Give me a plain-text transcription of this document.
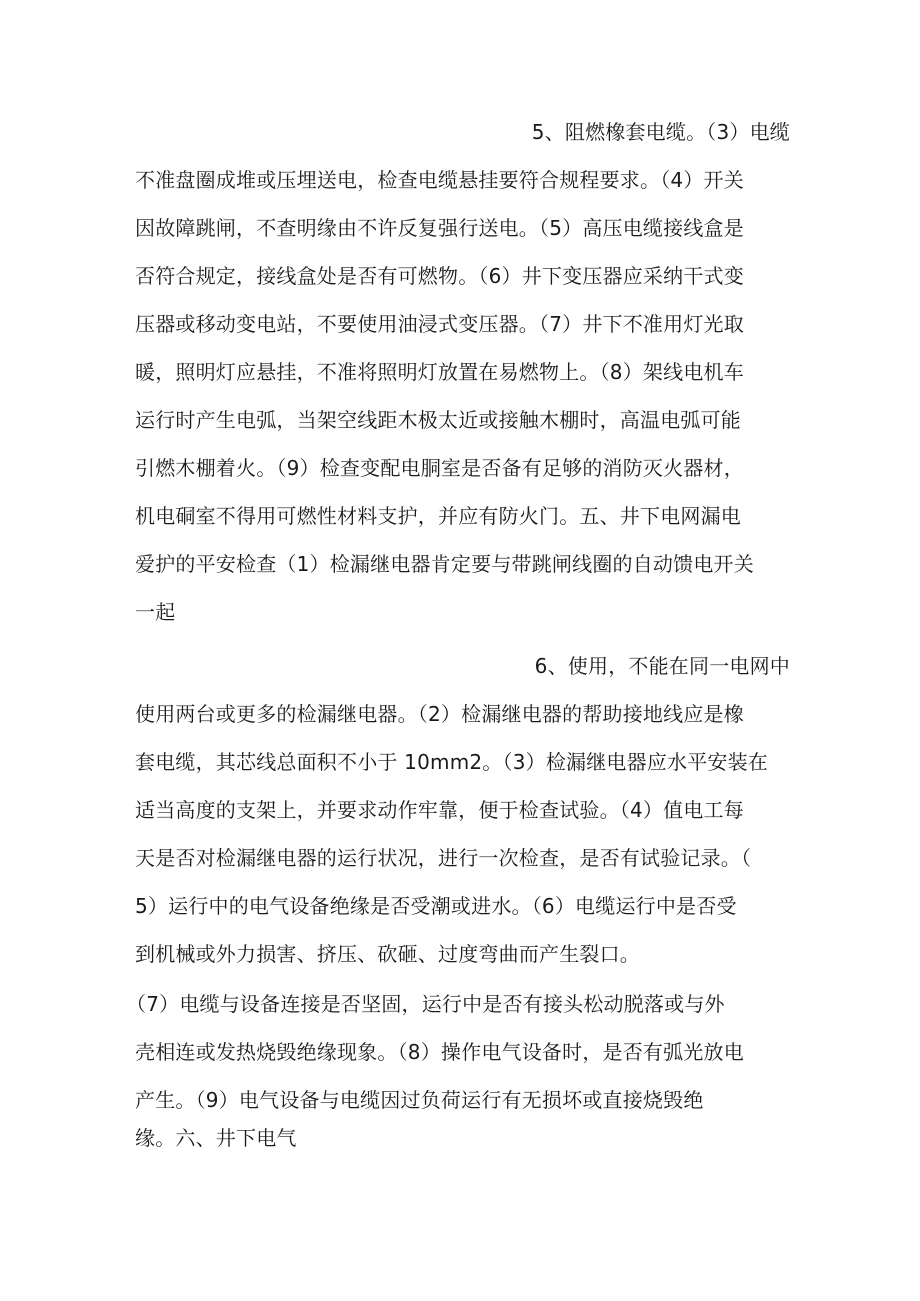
5、阻燃橡套电缆。（3）电缆
不准盘圈成堆或压埋送电，检查电缆悬挂要符合规程要求。（4）开关
因故障跳闸，不查明缘由不许反复强行送电。（5）高压电缆接线盒是
否符合规定，接线盒处是否有可燃物。（6）井下变压器应采纳干式变
压器或移动变电站，不要使用油浸式变压器。（7）井下不准用灯光取
暖，照明灯应悬挂，不准将照明灯放置在易燃物上。（8）架线电机车
运行时产生电弧，当架空线距木极太近或接触木棚时，高温电弧可能
引燃木棚着火。（9）检查变配电胴室是否备有足够的消防灭火器材，
机电硐室不得用可燃性材料支护，并应有防火门。五、井下电网漏电
爱护的平安检查（1）检漏继电器肯定要与带跳闸线圈的自动馈电开关
一起
6、使用，不能在同一电网中
使用两台或更多的检漏继电器。（2）检漏继电器的帮助接地线应是橡
套电缆，其芯线总面积不小于 10mm2。（3）检漏继电器应水平安装在
适当高度的支架上，并要求动作牢靠，便于检查试验。（4）值电工每
天是否对检漏继电器的运行状况，进行一次检查，是否有试验记录。（
5）运行中的电气设备绝缘是否受潮或进水。（6）电缆运行中是否受
到机械或外力损害、挤压、砍砸、过度弯曲而产生裂口。
（7）电缆与设备连接是否坚固，运行中是否有接头松动脱落或与外
壳相连或发热烧毁绝缘现象。（8）操作电气设备时，是否有弧光放电
产生。（9）电气设备与电缆因过负荷运行有无损坏或直接烧毁绝
缘。六、井下电气
